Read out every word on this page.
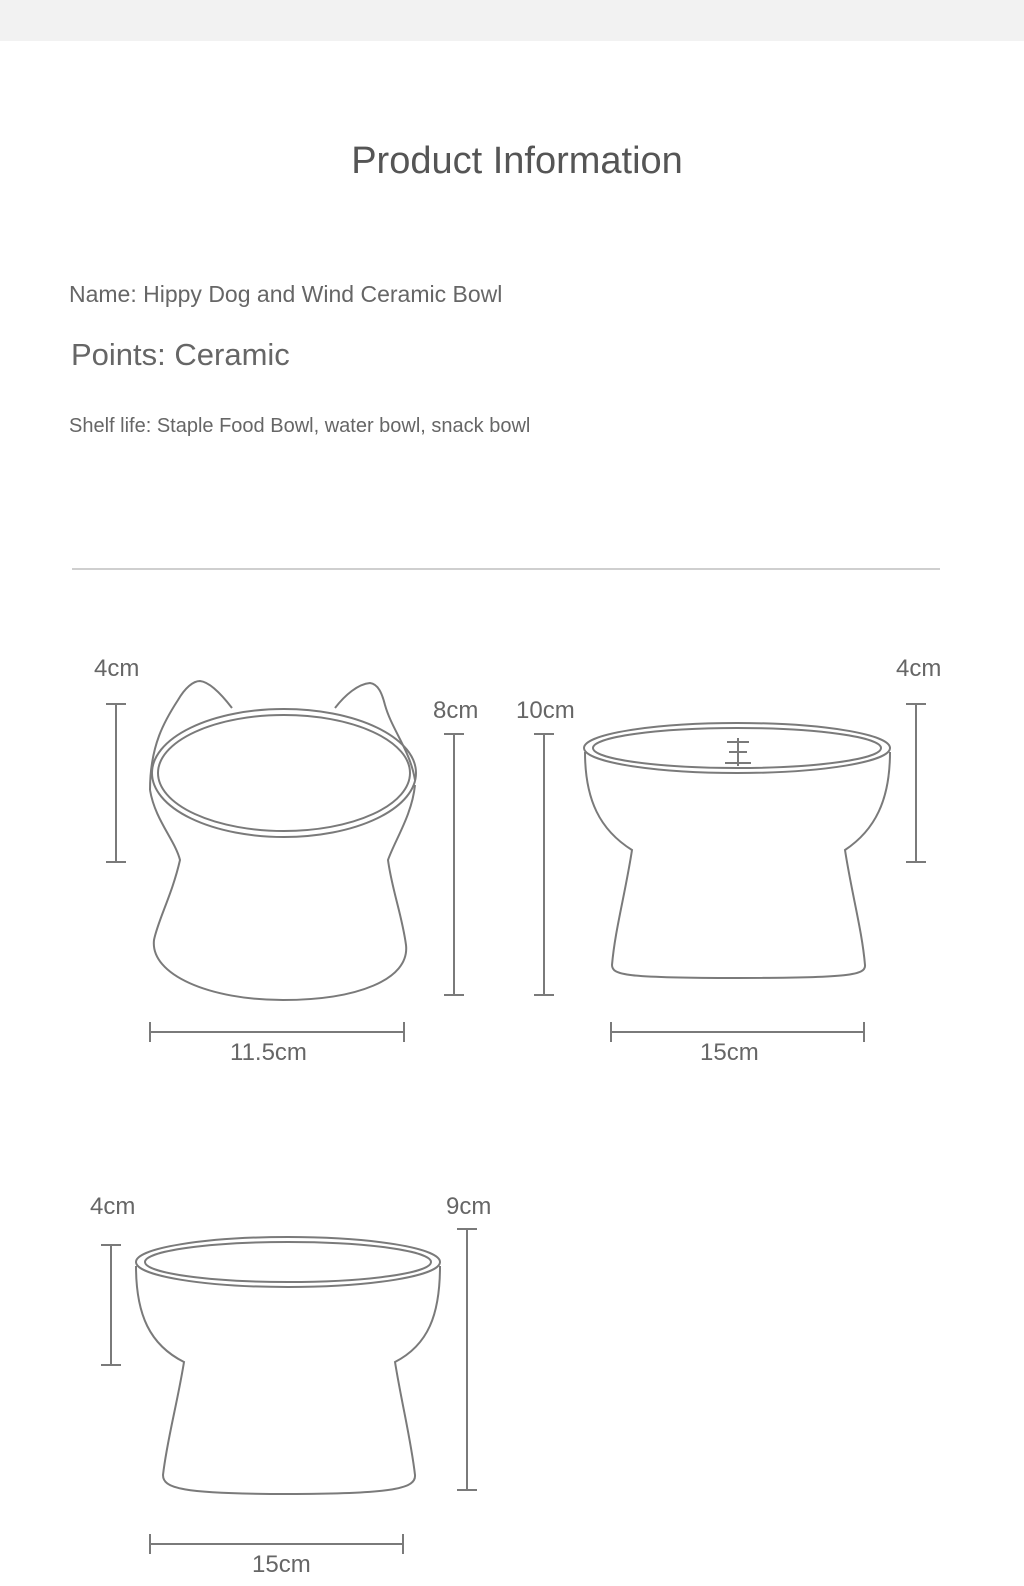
Product Information
Name: Hippy Dog and Wind Ceramic Bowl
Points: Ceramic
Shelf life: Staple Food Bowl, water bowl, snack bowl
4cm
8cm
11.5cm
10cm
4cm
15cm
4cm	9cm
15cm
